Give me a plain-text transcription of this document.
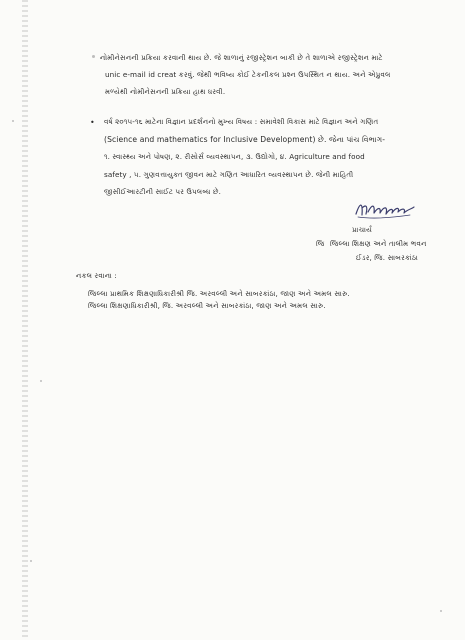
નોમીનેસનની પ્રક્રિયા કરવાની થાય છે. જે શાળાનું રજીસ્ટ્રેશન બાકી છે તે શાળાએ રજીસ્ટ્રેશન માટે
unic e-mail id creat કરવું. જેથી ભવિષ્ય કોઈ ટેકનીકલ પ્રશ્ન ઉપસ્થિત ન થાય. અને એપ્રુવલ
મળ્યેથી નોમીનેસનની પ્રક્રિયા હાથ ધરવી.
• વર્ષ ૨૦૧૫-૧૬ માટેના વિજ્ઞાન પ્રદર્શનનો મુખ્ય વિષય : સમાવેશી વિકાસ માટે વિજ્ઞાન અને ગણિત
(Science and mathematics for Inclusive Development) છે. જેના પાંચ વિભાગ-
૧. સ્વાસ્થ્ય અને પોષણ, ૨. રીસોર્સ વ્યવસ્થાપન, ૩. ઉદ્યોગો, ૪. Agriculture and food
safety , ૫. ગુણવત્તાયુક્ત જીવન માટે ગણિત આધારિત વ્યવસ્થાપન છે. જેની માહિતી
જીસીઈઆરટીની સાઈટ પર ઉપલબ્ધ છે.
પ્રાચાર્ય
જિ જિલ્લા શિક્ષણ અને તાલીમ ભવન
ઈડર, જિ. સાબરકાંઠા
નકલ રવાના :
જિલ્લા પ્રાથમિક શિક્ષણાધિકારીશ્રી જિ. અરવલ્લી અને સાબરકાંઠા, જાણ અને અમલ સારુ.
જિલ્લા શિક્ષણાધિકારીશ્રી, જિ. અરવલ્લી અને સાબરકાંઠા, જાણ અને અમલ સારુ.
